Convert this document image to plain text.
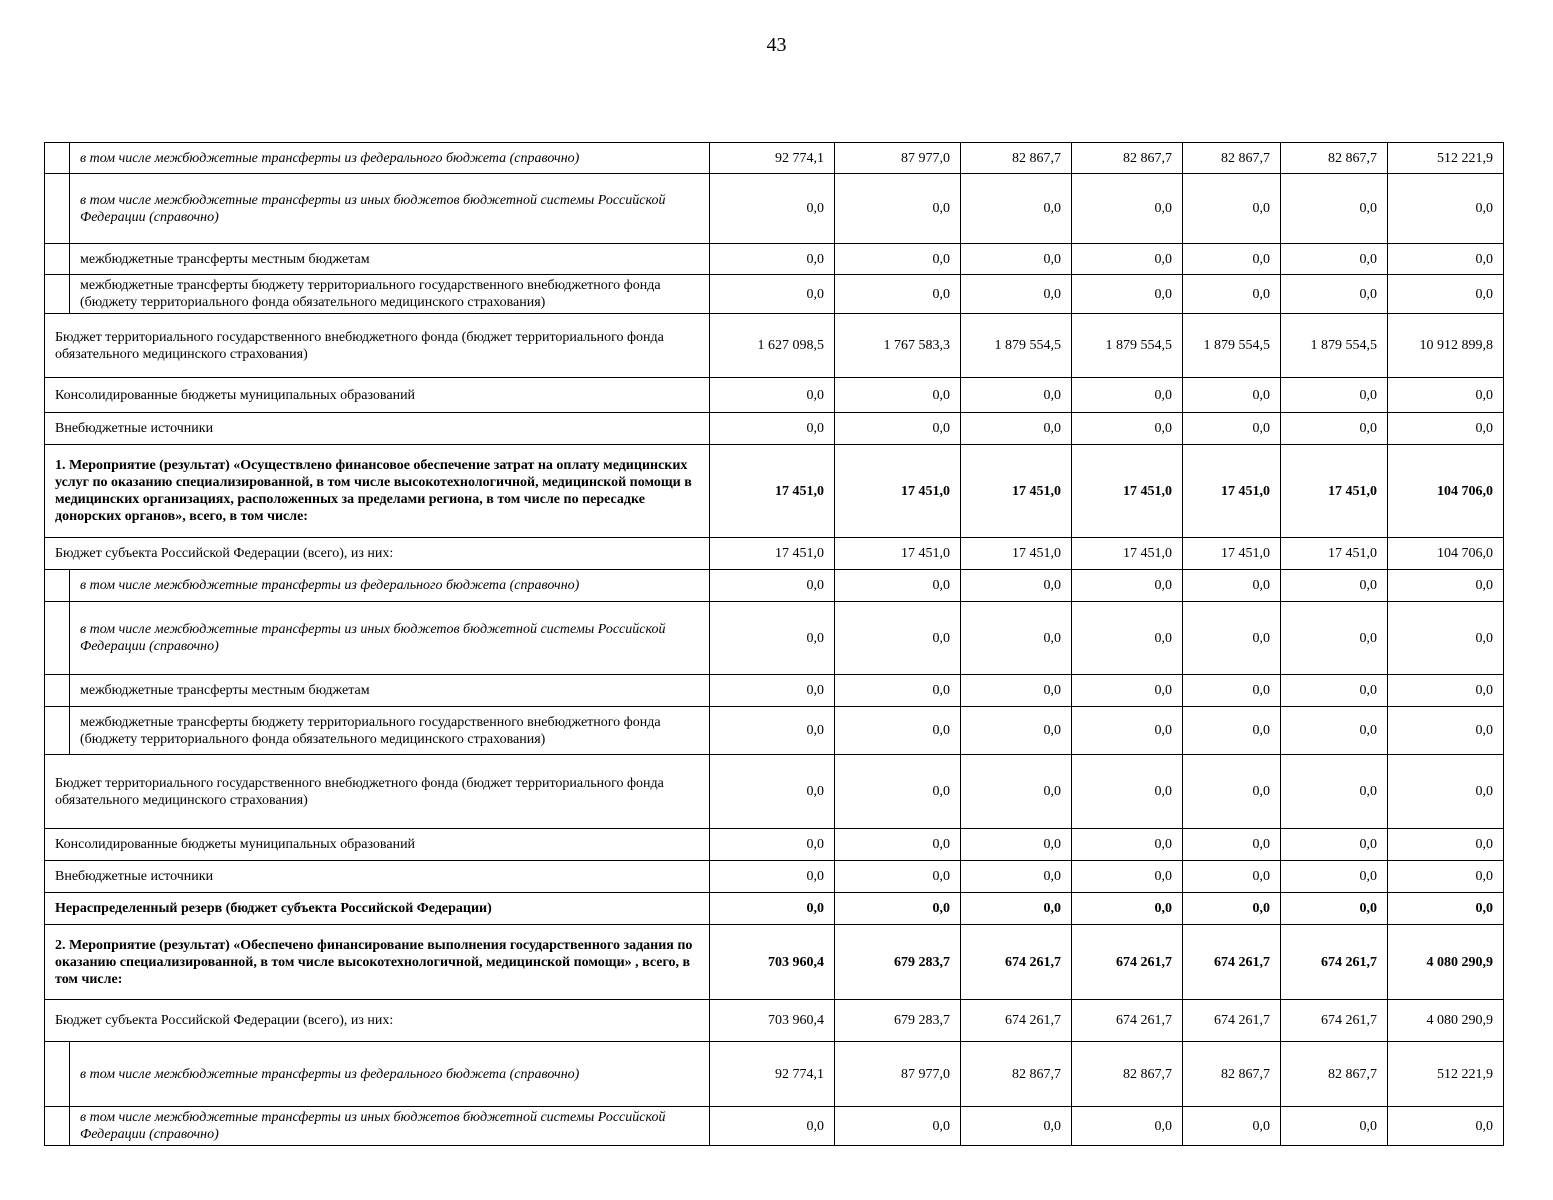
43
	в том числе межбюджетные трансферты из федерального бюджета (справочно)	92 774,1	87 977,0	82 867,7	82 867,7	82 867,7	82 867,7	512 221,9
	в том числе межбюджетные трансферты из иных бюджетов бюджетной системы Российской Федерации (справочно)	0,0	0,0	0,0	0,0	0,0	0,0	0,0
	межбюджетные трансферты местным бюджетам	0,0	0,0	0,0	0,0	0,0	0,0	0,0
	межбюджетные трансферты бюджету территориального государственного внебюджетного фонда (бюджету территориального фонда обязательного медицинского страхования)	0,0	0,0	0,0	0,0	0,0	0,0	0,0
Бюджет территориального государственного внебюджетного фонда (бюджет территориального фонда обязательного медицинского страхования)		1 627 098,5	1 767 583,3	1 879 554,5	1 879 554,5	1 879 554,5	1 879 554,5	10 912 899,8
Консолидированные бюджеты муниципальных образований		0,0	0,0	0,0	0,0	0,0	0,0	0,0
Внебюджетные источники		0,0	0,0	0,0	0,0	0,0	0,0	0,0
1. Мероприятие (результат) «Осуществлено финансовое обеспечение затрат на оплату медицинских услуг по оказанию специализированной, в том числе высокотехнологичной, медицинской помощи в медицинских организациях, расположенных за пределами региона, в том числе по пересадке донорских органов», всего, в том числе:		17 451,0	17 451,0	17 451,0	17 451,0	17 451,0	17 451,0	104 706,0
Бюджет субъекта Российской Федерации (всего), из них:		17 451,0	17 451,0	17 451,0	17 451,0	17 451,0	17 451,0	104 706,0
	в том числе межбюджетные трансферты из федерального бюджета (справочно)	0,0	0,0	0,0	0,0	0,0	0,0	0,0
	в том числе межбюджетные трансферты из иных бюджетов бюджетной системы Российской Федерации (справочно)	0,0	0,0	0,0	0,0	0,0	0,0	0,0
	межбюджетные трансферты местным бюджетам	0,0	0,0	0,0	0,0	0,0	0,0	0,0
	межбюджетные трансферты бюджету территориального государственного внебюджетного фонда (бюджету территориального фонда обязательного медицинского страхования)	0,0	0,0	0,0	0,0	0,0	0,0	0,0
Бюджет территориального государственного внебюджетного фонда (бюджет территориального фонда обязательного медицинского страхования)		0,0	0,0	0,0	0,0	0,0	0,0	0,0
Консолидированные бюджеты муниципальных образований		0,0	0,0	0,0	0,0	0,0	0,0	0,0
Внебюджетные источники		0,0	0,0	0,0	0,0	0,0	0,0	0,0
Нераспределенный резерв (бюджет субъекта Российской Федерации)		0,0	0,0	0,0	0,0	0,0	0,0	0,0
2. Мероприятие (результат) «Обеспечено финансирование выполнения государственного задания по оказанию специализированной, в том числе высокотехнологичной, медицинской помощи» , всего, в том числе:		703 960,4	679 283,7	674 261,7	674 261,7	674 261,7	674 261,7	4 080 290,9
Бюджет субъекта Российской Федерации (всего), из них:		703 960,4	679 283,7	674 261,7	674 261,7	674 261,7	674 261,7	4 080 290,9
	в том числе межбюджетные трансферты из федерального бюджета (справочно)	92 774,1	87 977,0	82 867,7	82 867,7	82 867,7	82 867,7	512 221,9
	в том числе межбюджетные трансферты из иных бюджетов бюджетной системы Российской Федерации (справочно)	0,0	0,0	0,0	0,0	0,0	0,0	0,0
